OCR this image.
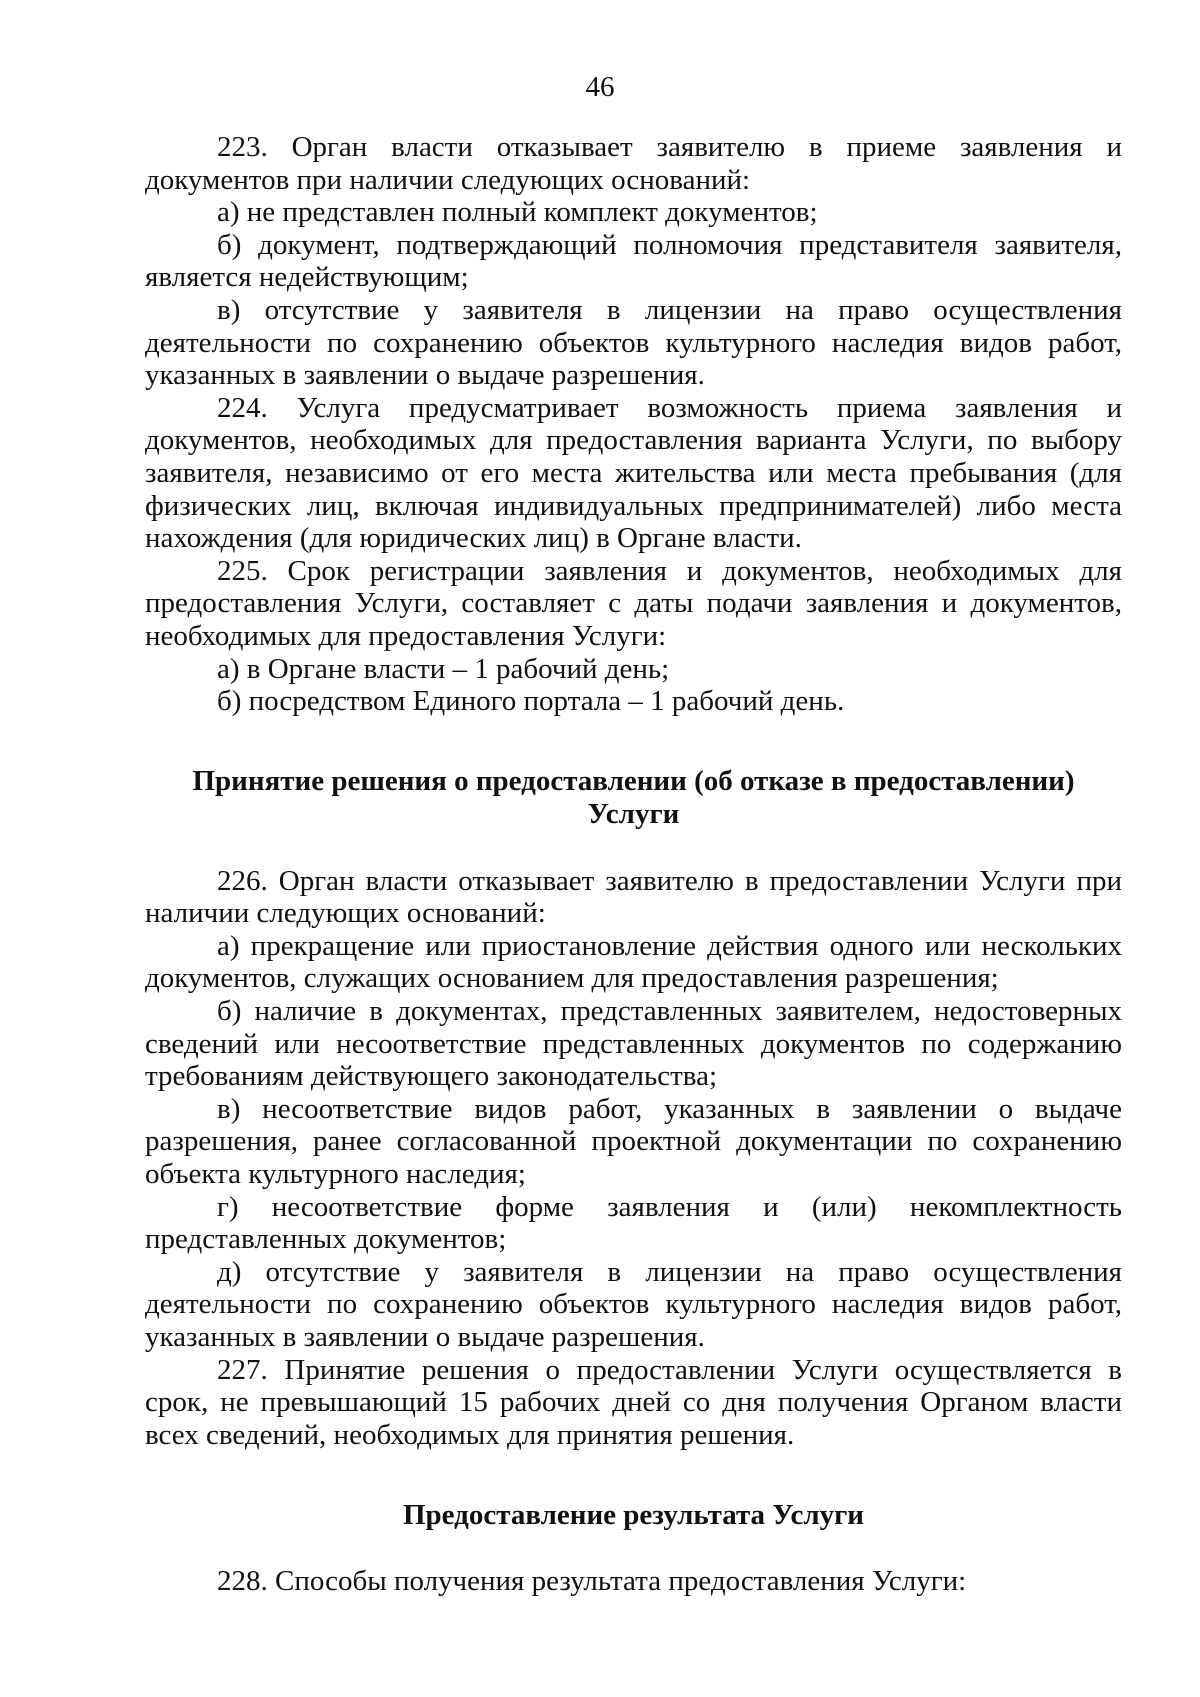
46

223. Орган власти отказывает заявителю в приеме заявления и документов при наличии следующих оснований:

а) не представлен полный комплект документов;

б) документ, подтверждающий полномочия представителя заявителя, является недействующим;

в) отсутствие у заявителя в лицензии на право осуществления деятельности по сохранению объектов культурного наследия видов работ, указанных в заявлении о выдаче разрешения.

224. Услуга предусматривает возможность приема заявления и документов, необходимых для предоставления варианта Услуги, по выбору заявителя, независимо от его места жительства или места пребывания (для физических лиц, включая индивидуальных предпринимателей) либо места нахождения (для юридических лиц) в Органе власти.

225. Срок регистрации заявления и документов, необходимых для предоставления Услуги, составляет с даты подачи заявления и документов, необходимых для предоставления Услуги:

а) в Органе власти – 1 рабочий день;

б) посредством Единого портала – 1 рабочий день.

Принятие решения о предоставлении (об отказе в предоставлении)
Услуги

226. Орган власти отказывает заявителю в предоставлении Услуги при наличии следующих оснований:

а) прекращение или приостановление действия одного или нескольких документов, служащих основанием для предоставления разрешения;

б) наличие в документах, представленных заявителем, недостоверных сведений или несоответствие представленных документов по содержанию требованиям действующего законодательства;

в) несоответствие видов работ, указанных в заявлении о выдаче разрешения, ранее согласованной проектной документации по сохранению объекта культурного наследия;

г) несоответствие форме заявления и (или) некомплектность представленных документов;

д) отсутствие у заявителя в лицензии на право осуществления деятельности по сохранению объектов культурного наследия видов работ, указанных в заявлении о выдаче разрешения.

227. Принятие решения о предоставлении Услуги осуществляется в срок, не превышающий 15 рабочих дней со дня получения Органом власти всех сведений, необходимых для принятия решения.

Предоставление результата Услуги

228. Способы получения результата предоставления Услуги:
